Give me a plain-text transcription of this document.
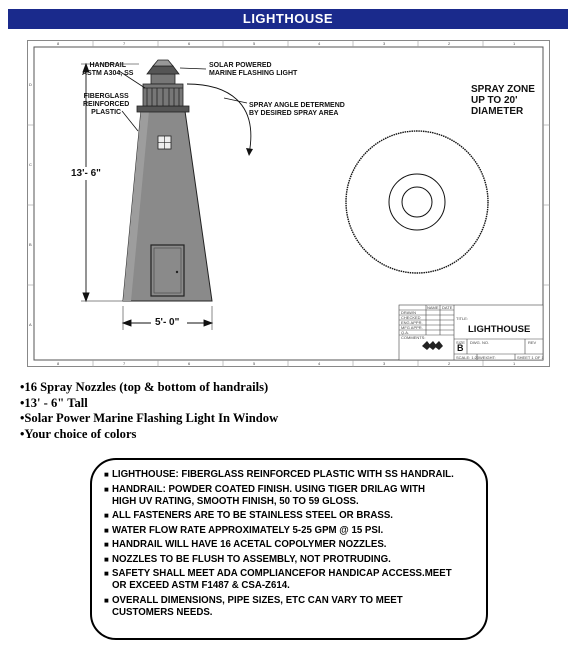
LIGHTHOUSE
8	7	6	5	4	3	2	1
8	7	6	5	4	3	2	1
D
C
B
A
HANDRAIL
ASTM A304, SS
FIBERGLASS
REINFORCED
PLASTIC
SOLAR POWERED
MARINE FLASHING LIGHT
SPRAY ANGLE DETERMEND
BY DESIRED SPRAY AREA
SPRAY ZONE
UP TO 20'
DIAMETER
13'- 6"
5'- 0"
NAME DATE
DRAWN
CHECKED
ENG APPR.
MFG APPR.
Q.A.
COMMENTS:
TITLE:
LIGHTHOUSE
SIZE
B
DWG. NO.	REV
SCALE: 1:20 WEIGHT:	SHEET 1 OF 1
•16 Spray Nozzles (top & bottom of handrails)
•13' - 6" Tall
•Solar Power Marine Flashing Light In Window
•Your choice of colors
■ LIGHTHOUSE: FIBERGLASS REINFORCED PLASTIC WITH SS HANDRAIL.
■ HANDRAIL: POWDER COATED FINISH. USING TIGER DRILAG WITH
HIGH UV RATING, SMOOTH FINISH, 50 TO 59 GLOSS.
■ ALL FASTENERS ARE TO BE STAINLESS STEEL OR BRASS.
■ WATER FLOW RATE APPROXIMATELY 5-25 GPM @ 15 PSI.
■ HANDRAIL WILL HAVE 16 ACETAL COPOLYMER NOZZLES.
■ NOZZLES TO BE FLUSH TO ASSEMBLY, NOT PROTRUDING.
■ SAFETY SHALL MEET ADA COMPLIANCEFOR HANDICAP ACCESS.MEET
OR EXCEED ASTM F1487 & CSA-Z614.
■ OVERALL DIMENSIONS, PIPE SIZES, ETC CAN VARY TO MEET
CUSTOMERS NEEDS.
